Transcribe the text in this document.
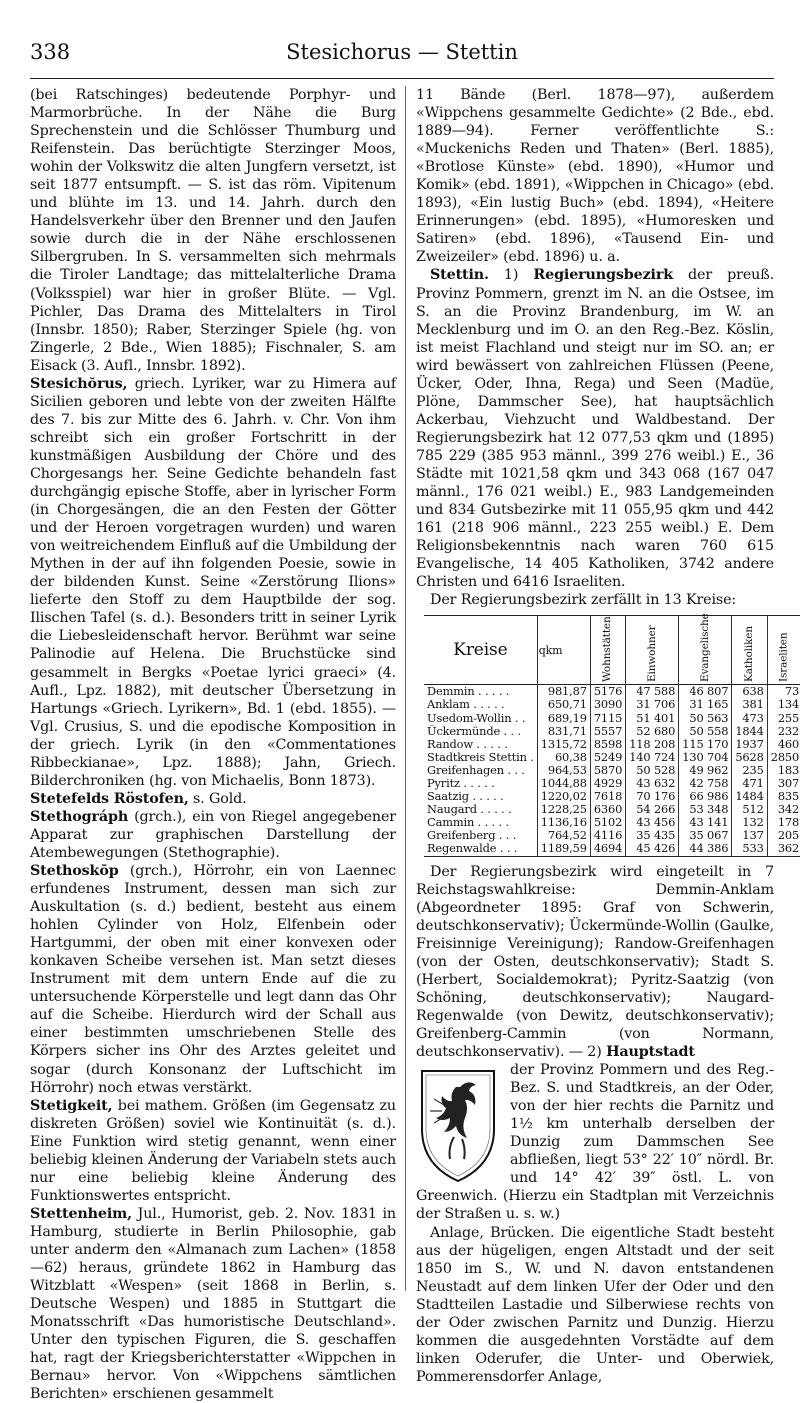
338	Stesichorus — Stettin

(bei Ratschinges) bedeutende Porphyr- und Marmorbrüche. In der Nähe die Burg Sprechenstein und die Schlösser Thumburg und Reifenstein. Das berüchtigte Sterzinger Moos, wohin der Volkswitz die alten Jungfern versetzt, ist seit 1877 entsumpft. — S. ist das röm. Vipitenum und blühte im 13. und 14. Jahrh. durch den Handelsverkehr über den Brenner und den Jaufen sowie durch die in der Nähe erschlossenen Silbergruben. In S. versammelten sich mehrmals die Tiroler Landtage; das mittelalterliche Drama (Volksspiel) war hier in großer Blüte. — Vgl. Pichler, Das Drama des Mittelalters in Tirol (Innsbr. 1850); Raber, Sterzinger Spiele (hg. von Zingerle, 2 Bde., Wien 1885); Fischnaler, S. am Eisack (3. Aufl., Innsbr. 1892).

Stesichŏrus, griech. Lyriker, war zu Himera auf Sicilien geboren und lebte von der zweiten Hälfte des 7. bis zur Mitte des 6. Jahrh. v. Chr. Von ihm schreibt sich ein großer Fortschritt in der kunstmäßigen Ausbildung der Chöre und des Chorgesangs her. Seine Gedichte behandeln fast durchgängig epische Stoffe, aber in lyrischer Form (in Chorgesängen, die an den Festen der Götter und der Heroen vorgetragen wurden) und waren von weitreichendem Einfluß auf die Umbildung der Mythen in der auf ihn folgenden Poesie, sowie in der bildenden Kunst. Seine «Zerstörung Ilions» lieferte den Stoff zu dem Hauptbilde der sog. Ilischen Tafel (s. d.). Besonders tritt in seiner Lyrik die Liebesleidenschaft hervor. Berühmt war seine Palinodie auf Helena. Die Bruchstücke sind gesammelt in Bergks «Poetae lyrici graeci» (4. Aufl., Lpz. 1882), mit deutscher Übersetzung in Hartungs «Griech. Lyrikern», Bd. 1 (ebd. 1855). — Vgl. Crusius, S. und die epodische Komposition in der griech. Lyrik (in den «Commentationes Ribbeckianae», Lpz. 1888); Jahn, Griech. Bilderchroniken (hg. von Michaelis, Bonn 1873).

Stetefelds Röstofen, s. Gold.

Stethográph (grch.), ein von Riegel angegebener Apparat zur graphischen Darstellung der Atembewegungen (Stethographie).

Stethoskōp (grch.), Hörrohr, ein von Laennec erfundenes Instrument, dessen man sich zur Auskultation (s. d.) bedient, besteht aus einem hohlen Cylinder von Holz, Elfenbein oder Hartgummi, der oben mit einer konvexen oder konkaven Scheibe versehen ist. Man setzt dieses Instrument mit dem untern Ende auf die zu untersuchende Körperstelle und legt dann das Ohr auf die Scheibe. Hierdurch wird der Schall aus einer bestimmten umschriebenen Stelle des Körpers sicher ins Ohr des Arztes geleitet und sogar (durch Konsonanz der Luftschicht im Hörrohr) noch etwas verstärkt.

Stetigkeit, bei mathem. Größen (im Gegensatz zu diskreten Größen) soviel wie Kontinuität (s. d.). Eine Funktion wird stetig genannt, wenn einer beliebig kleinen Änderung der Variabeln stets auch nur eine beliebig kleine Änderung des Funktionswertes entspricht.

Stettenheim, Jul., Humorist, geb. 2. Nov. 1831 in Hamburg, studierte in Berlin Philosophie, gab unter anderm den «Almanach zum Lachen» (1858—62) heraus, gründete 1862 in Hamburg das Witzblatt «Wespen» (seit 1868 in Berlin, s. Deutsche Wespen) und 1885 in Stuttgart die Monatsschrift «Das humoristische Deutschland». Unter den typischen Figuren, die S. geschaffen hat, ragt der Kriegsberichterstatter «Wippchen in Bernau» hervor. Von «Wippchens sämtlichen Berichten» erschienen gesammelt

11 Bände (Berl. 1878—97), außerdem «Wippchens gesammelte Gedichte» (2 Bde., ebd. 1889—94). Ferner veröffentlichte S.: «Muckenichs Reden und Thaten» (Berl. 1885), «Brotlose Künste» (ebd. 1890), «Humor und Komik» (ebd. 1891), «Wippchen in Chicago» (ebd. 1893), «Ein lustig Buch» (ebd. 1894), «Heitere Erinnerungen» (ebd. 1895), «Humoresken und Satiren» (ebd. 1896), «Tausend Ein- und Zweizeiler» (ebd. 1896) u. a.

Stettin. 1) Regierungsbezirk der preuß. Provinz Pommern, grenzt im N. an die Ostsee, im S. an die Provinz Brandenburg, im W. an Mecklenburg und im O. an den Reg.-Bez. Köslin, ist meist Flachland und steigt nur im SO. an; er wird bewässert von zahlreichen Flüssen (Peene, Ücker, Oder, Ihna, Rega) und Seen (Madüe, Plöne, Dammscher See), hat hauptsächlich Ackerbau, Viehzucht und Waldbestand. Der Regierungsbezirk hat 12 077,53 qkm und (1895) 785 229 (385 953 männl., 399 276 weibl.) E., 36 Städte mit 1021,58 qkm und 343 068 (167 047 männl., 176 021 weibl.) E., 983 Landgemeinden und 834 Gutsbezirke mit 11 055,95 qkm und 442 161 (218 906 männl., 223 255 weibl.) E. Dem Religionsbekenntnis nach waren 760 615 Evangelische, 14 405 Katholiken, 3742 andere Christen und 6416 Israeliten.

Der Regierungsbezirk zerfällt in 13 Kreise:

Kreise	qkm	Wohnstätten	Einwohner	Evangelische	Katholiken	Israeliten
Demmin . . . . .	981,87	5176	47 588	46 807	638	73
Anklam . . . . .	650,71	3090	31 706	31 165	381	134
Usedom-Wollin . .	689,19	7115	51 401	50 563	473	255
Ückermünde . . .	831,71	5557	52 680	50 558	1844	232
Randow . . . . .	1315,72	8598	118 208	115 170	1937	460
Stadtkreis Stettin .	60,38	5249	140 724	130 704	5628	2850
Greifenhagen . . .	964,53	5870	50 528	49 962	235	183
Pyritz . . . . .	1044,88	4929	43 632	42 758	471	307
Saatzig . . . . .	1220,02	7618	70 176	66 986	1484	835
Naugard . . . . .	1228,25	6360	54 266	53 348	512	342
Cammin . . . . .	1136,16	5102	43 456	43 141	132	178
Greifenberg . . .	764,52	4116	35 435	35 067	137	205
Regenwalde . . .	1189,59	4694	45 426	44 386	533	362

Der Regierungsbezirk wird eingeteilt in 7 Reichstagswahlkreise: Demmin-Anklam (Abgeordneter 1895: Graf von Schwerin, deutschkonservativ); Ückermünde-Wollin (Gaulke, Freisinnige Vereinigung); Randow-Greifenhagen (von der Osten, deutschkonservativ); Stadt S. (Herbert, Socialdemokrat); Pyritz-Saatzig (von Schöning, deutschkonservativ); Naugard-Regenwalde (von Dewitz, deutschkonservativ); Greifenberg-Cammin (von Normann, deutschkonservativ). — 2) Hauptstadt

der Provinz Pommern und des Reg.-Bez. S. und Stadtkreis, an der Oder, von der hier rechts die Parnitz und 1½ km unterhalb derselben der Dunzig zum Dammschen See abfließen, liegt 53° 22′ 10″ nördl. Br. und 14° 42′ 39″ östl. L. von Greenwich. (Hierzu ein Stadtplan mit Verzeichnis der Straßen u. s. w.)

Anlage, Brücken. Die eigentliche Stadt besteht aus der hügeligen, engen Altstadt und der seit 1850 im S., W. und N. davon entstandenen Neustadt auf dem linken Ufer der Oder und den Stadtteilen Lastadie und Silberwiese rechts von der Oder zwischen Parnitz und Dunzig. Hierzu kommen die ausgedehnten Vorstädte auf dem linken Oderufer, die Unter- und Oberwiek, Pommerensdorfer Anlage,
